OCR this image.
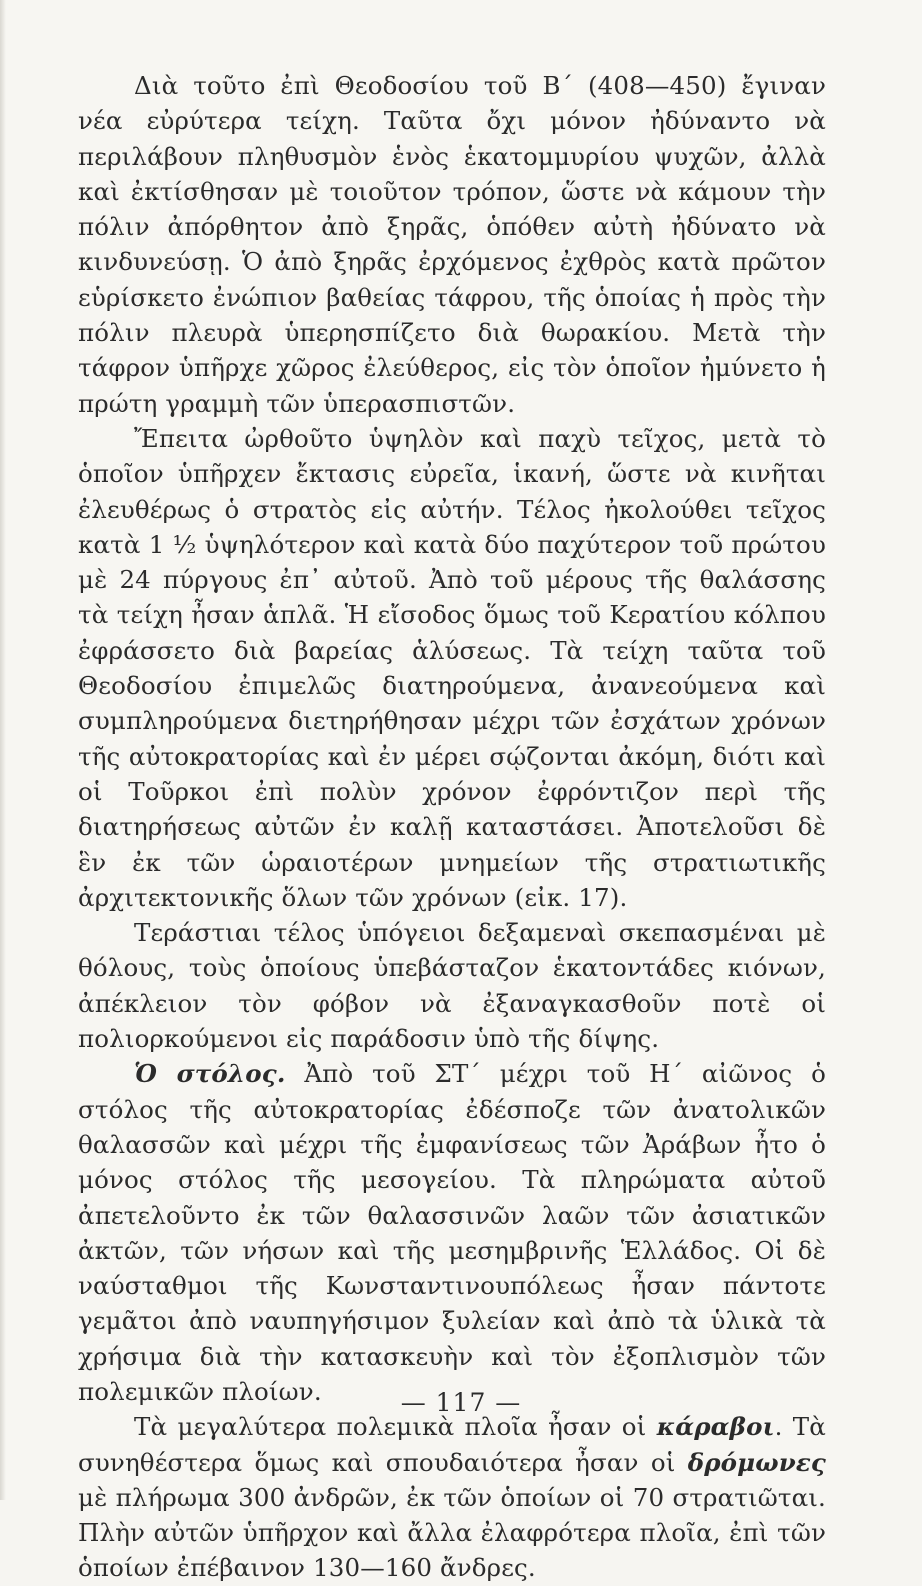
Διὰ τοῦτο ἐπὶ Θεοδοσίου τοῦ Β΄ (408—450) ἔγιναν νέα εὐρύτερα τείχη. Ταῦτα ὄχι μόνον ἠδύναντο νὰ περιλάβουν πληθυσμὸν ἑνὸς ἑκατομμυρίου ψυχῶν, ἀλλὰ καὶ ἐκτίσθησαν μὲ τοιοῦτον τρόπον, ὥστε νὰ κάμουν τὴν πόλιν ἀπόρθητον ἀπὸ ξηρᾶς, ὁπόθεν αὐτὴ ἠδύνατο νὰ κινδυνεύσῃ. Ὁ ἀπὸ ξηρᾶς ἐρχόμενος ἐχθρὸς κατὰ πρῶτον εὑρίσκετο ἐνώπιον βαθείας τάφρου, τῆς ὁποίας ἡ πρὸς τὴν πόλιν πλευρὰ ὑπερησπίζετο διὰ θωρακίου. Μετὰ τὴν τάφρον ὑπῆρχε χῶρος ἐλεύθερος, εἰς τὸν ὁποῖον ἠμύνετο ἡ πρώτη γραμμὴ τῶν ὑπερασπιστῶν.

Ἔπειτα ὠρθοῦτο ὑψηλὸν καὶ παχὺ τεῖχος, μετὰ τὸ ὁποῖον ὑπῆρχεν ἔκτασις εὐρεῖα, ἱκανή, ὥστε νὰ κινῆται ἐλευθέρως ὁ στρατὸς εἰς αὐτήν. Τέλος ἠκολούθει τεῖχος κατὰ 1 ½ ὑψηλότερον καὶ κατὰ δύο παχύτερον τοῦ πρώτου μὲ 24 πύργους ἐπ᾿ αὐτοῦ. Ἀπὸ τοῦ μέρους τῆς θαλάσσης τὰ τείχη ἦσαν ἁπλᾶ. Ἡ εἴσοδος ὅμως τοῦ Κερατίου κόλπου ἐφράσσετο διὰ βαρείας ἁλύσεως. Τὰ τείχη ταῦτα τοῦ Θεοδοσίου ἐπιμελῶς διατηρούμενα, ἀνανεούμενα καὶ συμπληρούμενα διετηρήθησαν μέχρι τῶν ἐσχάτων χρόνων τῆς αὐτοκρατορίας καὶ ἐν μέρει σῴζονται ἀκόμη, διότι καὶ οἱ Τοῦρκοι ἐπὶ πολὺν χρόνον ἐφρόντιζον περὶ τῆς διατηρήσεως αὐτῶν ἐν καλῇ καταστάσει. Ἀποτελοῦσι δὲ ἓν ἐκ τῶν ὡραιοτέρων μνημείων τῆς στρατιωτικῆς ἀρχιτεκτονικῆς ὅλων τῶν χρόνων (εἰκ. 17).

Τεράστιαι τέλος ὑπόγειοι δεξαμεναὶ σκεπασμέναι μὲ θόλους, τοὺς ὁποίους ὑπεβάσταζον ἑκατοντάδες κιόνων, ἀπέκλειον τὸν φόβον νὰ ἐξαναγκασθοῦν ποτὲ οἱ πολιορκούμενοι εἰς παράδοσιν ὑπὸ τῆς δίψης.

Ὁ στόλος. Ἀπὸ τοῦ ΣΤ΄ μέχρι τοῦ Η΄ αἰῶνος ὁ στόλος τῆς αὐτοκρατορίας ἐδέσποζε τῶν ἀνατολικῶν θαλασσῶν καὶ μέχρι τῆς ἐμφανίσεως τῶν Ἀράβων ἦτο ὁ μόνος στόλος τῆς μεσογείου. Τὰ πληρώματα αὐτοῦ ἀπετελοῦντο ἐκ τῶν θαλασσινῶν λαῶν τῶν ἀσιατικῶν ἀκτῶν, τῶν νήσων καὶ τῆς μεσημβρινῆς Ἑλλάδος. Οἱ δὲ ναύσταθμοι τῆς Κωνσταντινουπόλεως ἦσαν πάντοτε γεμᾶτοι ἀπὸ ναυπηγήσιμον ξυλείαν καὶ ἀπὸ τὰ ὑλικὰ τὰ χρήσιμα διὰ τὴν κατασκευὴν καὶ τὸν ἐξοπλισμὸν τῶν πολεμικῶν πλοίων.

Τὰ μεγαλύτερα πολεμικὰ πλοῖα ἦσαν οἱ κάραβοι. Τὰ συνηθέστερα ὅμως καὶ σπουδαιότερα ἦσαν οἱ δρόμωνες μὲ πλήρωμα 300 ἀνδρῶν, ἐκ τῶν ὁποίων οἱ 70 στρατιῶται. Πλὴν αὐτῶν ὑπῆρχον καὶ ἄλλα ἐλαφρότερα πλοῖα, ἐπὶ τῶν ὁποίων ἐπέβαινον 130—160 ἄνδρες.

— 117 —
